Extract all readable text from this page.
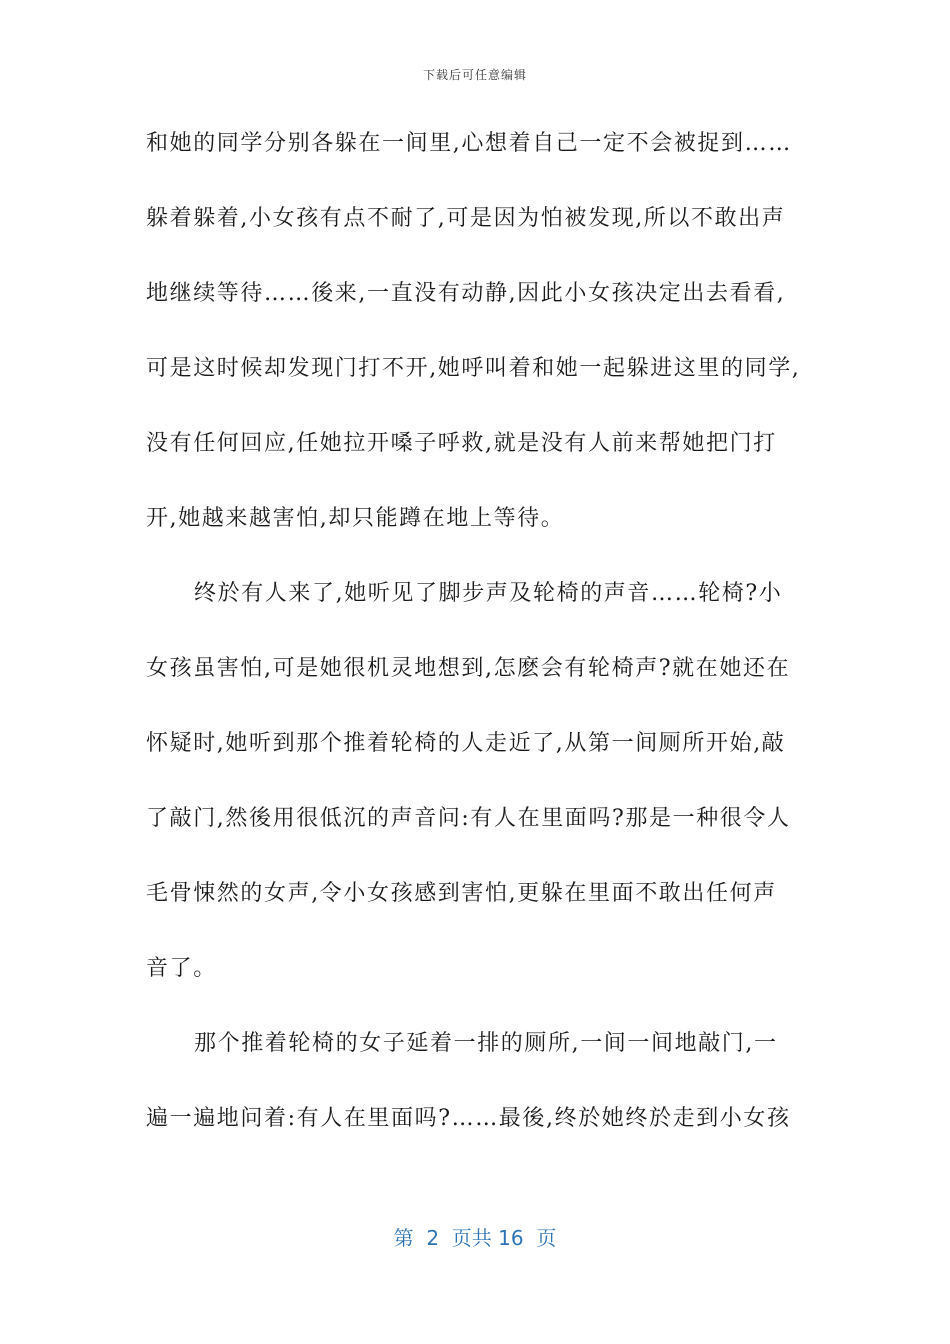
下载后可任意编辑
和她的同学分别各躲在一间里,心想着自己一定不会被捉到……
躲着躲着,小女孩有点不耐了,可是因为怕被发现,所以不敢出声
地继续等待……後来,一直没有动静,因此小女孩决定出去看看,
可是这时候却发现门打不开,她呼叫着和她一起躲进这里的同学,
没有任何回应,任她拉开嗓子呼救,就是没有人前来帮她把门打
开,她越来越害怕,却只能蹲在地上等待。
终於有人来了,她听见了脚步声及轮椅的声音……轮椅?小
女孩虽害怕,可是她很机灵地想到,怎麽会有轮椅声?就在她还在
怀疑时,她听到那个推着轮椅的人走近了,从第一间厕所开始,敲
了敲门,然後用很低沉的声音问:有人在里面吗?那是一种很令人
毛骨悚然的女声,令小女孩感到害怕,更躲在里面不敢出任何声
音了。
那个推着轮椅的女子延着一排的厕所,一间一间地敲门,一
遍一遍地问着:有人在里面吗?……最後,终於她终於走到小女孩
第  2  页共 16  页
